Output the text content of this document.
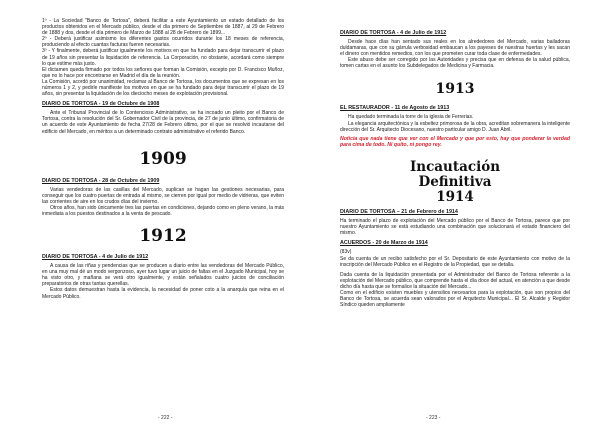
1º - La Sociedad "Banco de Tortosa", deberá facilitar a este Ayuntamiento un estado detallado de los productos obtenidos en el Mercado público, desde el día primero de Septiembre de 1887, al 29 de Febrero de 1888 y dos, desde el día primero de Marzo de 1888 al 28 de Febrero de 1899...

2º - Deberá justificar asimismo los diferentes gastos ocurridos durante los 18 meses de referencia, produciendo al efecto cuantas facturas fueren necesarias.

3º - Y finalmente, deberá justificar igualmente los motivos en que ha fundado para dejar transcurrir el plazo de 19 años sin presentar la liquidación de referencia. La Corporación, no obstante, acordará como siempre lo que estime más justo.

El dictamen queda firmado por todos los señores que forman la Comisión, excepto por D. Francisco Muñoz, que no lo hace por encontrarse en Madrid el día de la reunión.

La Comisión, acordó por unanimidad, reclamar al Banco de Tortosa, los documentos que se expresan en los números 1 y 2, y pedirle manifieste los motivos en que se ha fundado para dejar transcurrir el plazo de 19 años, sin presentar la liquidación de los dieciocho meses de explotación provisional.

DIARIO DE TORTOSA - 19 de Octubre de 1908

Ante el Tribunal Provincial de lo Contencioso Administrativo, se ha incoado un pleito por el Banco de Tortosa, contra la resolución del Sr. Gobernador Civil de la provincia, de 27 de junio último, confirmatoria de un acuerdo de este Ayuntamiento de fecha 27/28 de Febrero último, por el que se resolvió incautarse del edificio del Mercado, en méritos a un determinado contrato administrativo el referido Banco.

1909
DIARIO DE TORTOSA - 28 de Octubre de 1909

Varias vendedoras de las casillas del Mercado, suplican se hagan las gestiones necesarias, para conseguir que los cuatro puertas de entrada al mismo, se cierren por igual por medio de vidrieras, que eviten las corrientes de aire en los crudos días del invierno.

Otros años, han sido únicamente tres las puertas en condiciones, dejando como en pleno verano, la más inmediata a los puestos destinados a la venta de pescado.

1912
DIARIO DE TORTOSA - 4 de Julio de 1912

A causa de las riñas y pendencias que se producen a diario entre las vendedoras del Mercado Público, en una muy mal dé un modo vergonzoso, ayer tuvo lugar un juicio de faltas en el Juzgado Municipal, hoy se ha visto otro, y mañana se verá otro igualmente, y están señalados cuatro juicios de conciliación preparatorios de otras tantas querellas.

Estos datos demuestran hasta la evidencia, la necesidad de poner coto a la anarquía que reina en el Mercado Público.

- 222 -
DIARIO DE TORTOSA - 4 de Julio de 1912

Desde hace días han sentado sus reales en los alrededores del Mercado, varias bailadoras duldamaras, que con su gárrula verbosidad embaucan a los payeses de nuestras huertas y les sacan el dinero con mentidos remedios, con los que prometen curar toda clase de enfermedades.

Este abuso debe ser corregido por las Autoridades y precisa que en defensa de la salud pública, tomen cartas en el asunto los Subdelegados de Medicina y Farmacia.

1913
EL RESTAURADOR - 11 de Agosto de 1913

Ha quedado terminada la torre de la iglesia de Ferrerias.

La elegancia arquitectónica y la esbeltez primorosa de la obra, acreditan sobremanera la inteligente dirección del Sr. Arquitecto Diocesano, nuestro particular amigo D. Juan Abril.

Noticia que nada tiene que ver con el Mercado y que por esto, hay que ponderar la verdad para cima de todo. Ni quito, ni pongo rey.

Incautación
Definitiva
1914
DIARIO DE TORTOSA – 21 de Febrero de 1914

Ha terminado el plazo de explotación del Mercado público por el Banco de Tortosa, parece que por nuestro Ayuntamiento se está estudiando una combinación que solucionará el estado financiero del mismo.

ACUERDOS - 20 de Marzo de 1914

(83v)

Se da cuenta de un recibo satisfecho por el Sr. Depositario de este Ayuntamiento con motivo de la inscripción del Mercado Público en el Registro de la Propiedad, que se detalla.

Dada cuenta de la liquidación presentada por el Administrador del Banco de Tortosa referente a la explotación del Mercado público, que comprende hasta el día doce del actual, en atención a que desde dicho día hasta que se formalice la situación del Mercado...

Como en el edificio existen muebles y utensilios necesarios para la explotación, que son propios del Banco de Tortosa, se acuerda sean valorados por el Arquitecto Municipal... El Sr. Alcalde y Regidor Síndico queden ampliamente

- 223 -
